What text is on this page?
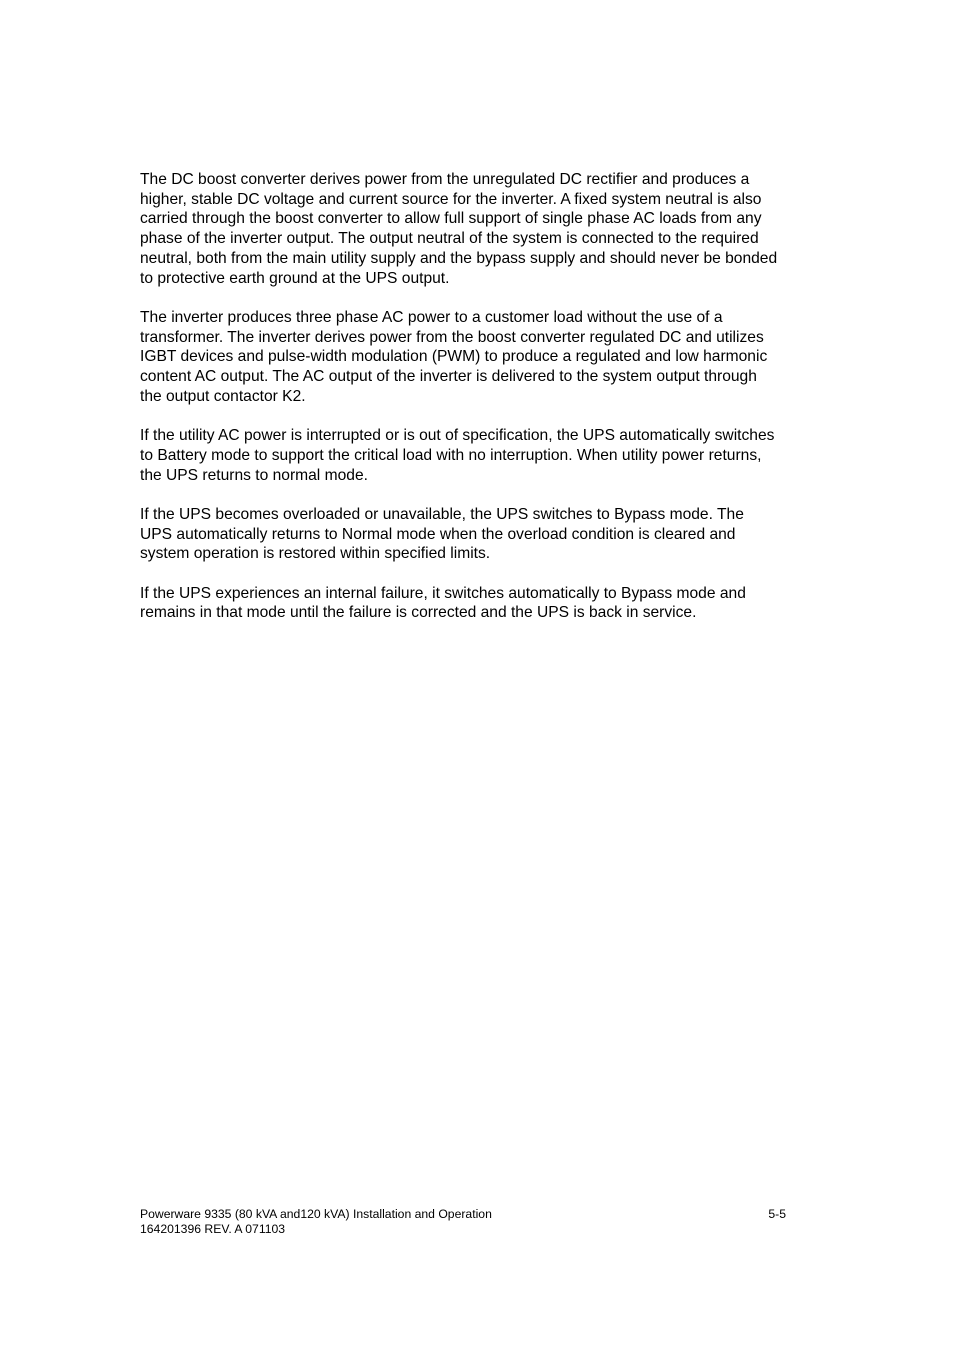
The DC boost converter derives power from the unregulated DC rectifier and produces a
higher, stable DC voltage and current source for the inverter. A fixed system neutral is also
carried through the boost converter to allow full support of single phase AC loads from any
phase of the inverter output. The output neutral of the system is connected to the required
neutral, both from the main utility supply and the bypass supply and should never be bonded
to protective earth ground at the UPS output.

The inverter produces three phase AC power to a customer load without the use of a
transformer. The inverter derives power from the boost converter regulated DC and utilizes
IGBT devices and pulse-width modulation (PWM) to produce a regulated and low harmonic
content AC output. The AC output of the inverter is delivered to the system output through
the output contactor K2.

If the utility AC power is interrupted or is out of specification, the UPS automatically switches
to Battery mode to support the critical load with no interruption. When utility power returns,
the UPS returns to normal mode.

If the UPS becomes overloaded or unavailable, the UPS switches to Bypass mode. The
UPS automatically returns to Normal mode when the overload condition is cleared and
system operation is restored within specified limits.

If the UPS experiences an internal failure, it switches automatically to Bypass mode and
remains in that mode until the failure is corrected and the UPS is back in service.

Powerware 9335 (80 kVA and120 kVA) Installation and Operation	5-5
164201396 REV. A 071103
